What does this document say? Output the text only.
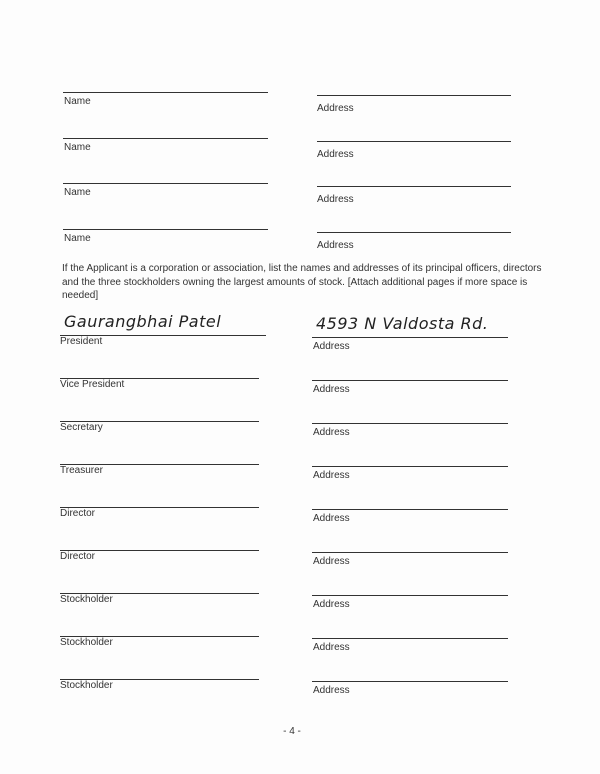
Name
Address
Name
Address
Name
Address
Name
Address
If the Applicant is a corporation or association, list the names and addresses of its principal officers, directors and the three stockholders owning the largest amounts of stock. [Attach additional pages if more space is needed]
President	Address
Gaurangbhai Patel	4593 N Valdosta Rd.
Vice President	Address
Secretary	Address
Treasurer	Address
Director	Address
Director	Address
Stockholder	Address
Stockholder	Address
Stockholder	Address
- 4 -
